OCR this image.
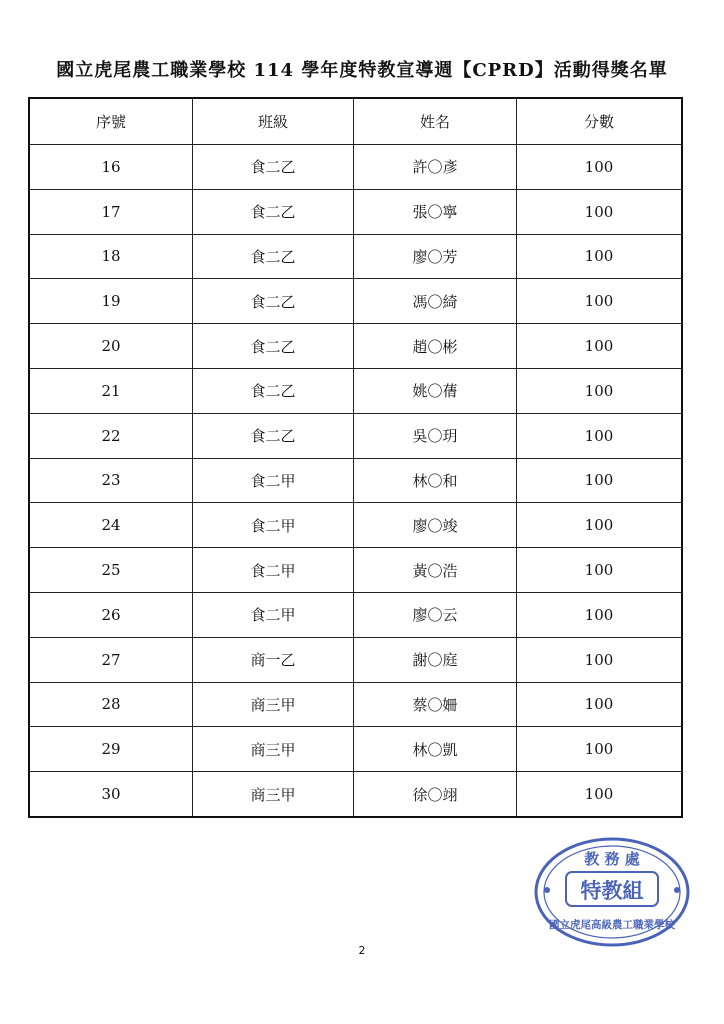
國立虎尾農工職業學校 114 學年度特教宣導週【CPRD】活動得獎名單
序號	班級	姓名	分數
16	食二乙	許〇彥	100
17	食二乙	張〇寧	100
18	食二乙	廖〇芳	100
19	食二乙	馮〇綺	100
20	食二乙	趙〇彬	100
21	食二乙	姚〇蒨	100
22	食二乙	吳〇玥	100
23	食二甲	林〇和	100
24	食二甲	廖〇竣	100
25	食二甲	黃〇浩	100
26	食二甲	廖〇云	100
27	商一乙	謝〇庭	100
28	商三甲	蔡〇姍	100
29	商三甲	林〇凱	100
30	商三甲	徐〇翊	100
教 務 處
特教組
國立虎尾高級農工職業學校
2
